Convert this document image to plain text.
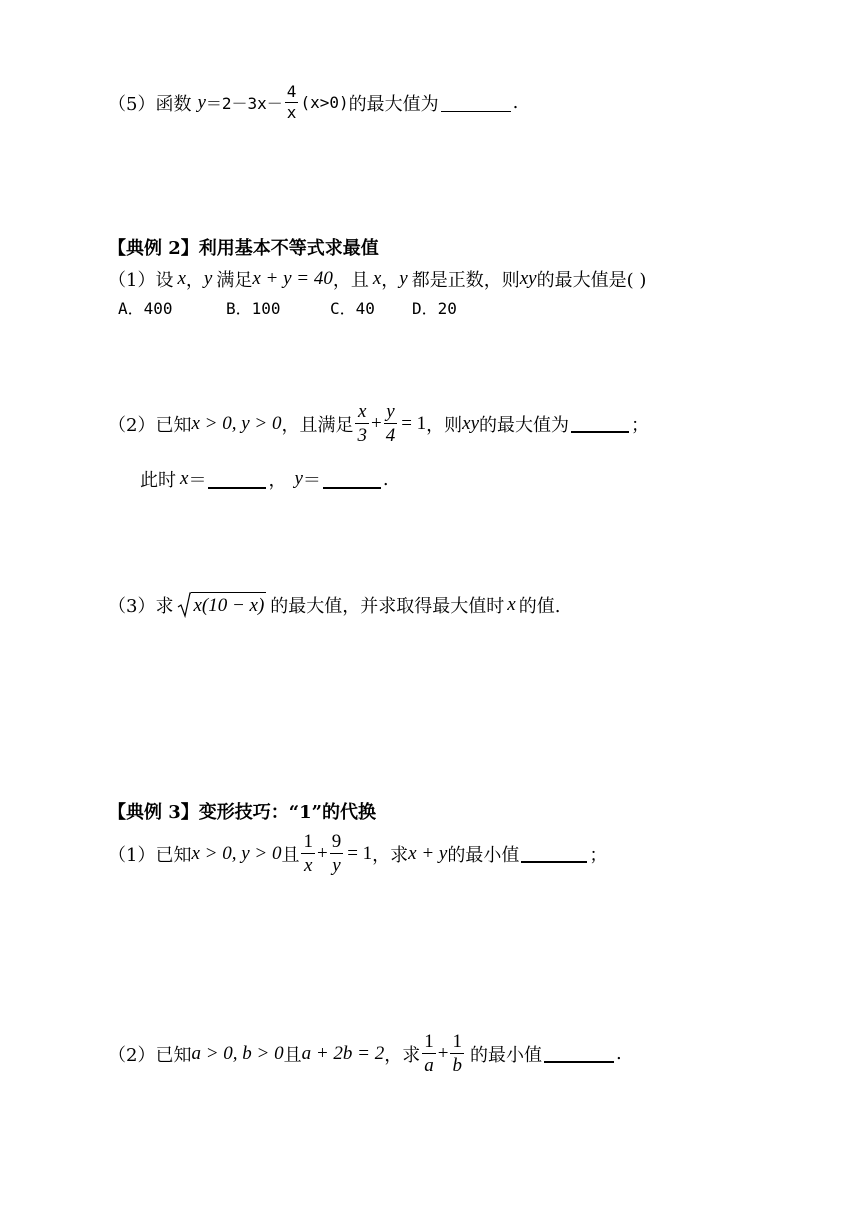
（5） 函数 $y =2-3x- \frac{4}{x} (x>0)$ 的最大值为	.
【典例 2】利用基本不等式求最值
（1） 设 x ， y 满足 x + y = 40 ，且 x ， y 都是正数，则 xy 的最大值是( )
A．400	B．100	C．40	D．20
（2） 已知 x > 0, y > 0 ，且满足 $\frac{x}{3} + \frac{y}{4} = 1$ ，则 xy 的最大值为	；
此时 x ＝	， y ＝	.
（3） 求 x(10 − x) 的最大值，并求取得最大值时 x 的值.
【典例 3】变形技巧：“1”的代换
（1） 已知 x > 0, y > 0 且 $\frac{1}{x} + \frac{9}{y} = 1$ ，求 x + y 的最小值	；
（2） 已知 a > 0, b > 0 且 a + 2b = 2 ，求 $\frac{1}{a} + \frac{1}{b}$ 的最小值	.
